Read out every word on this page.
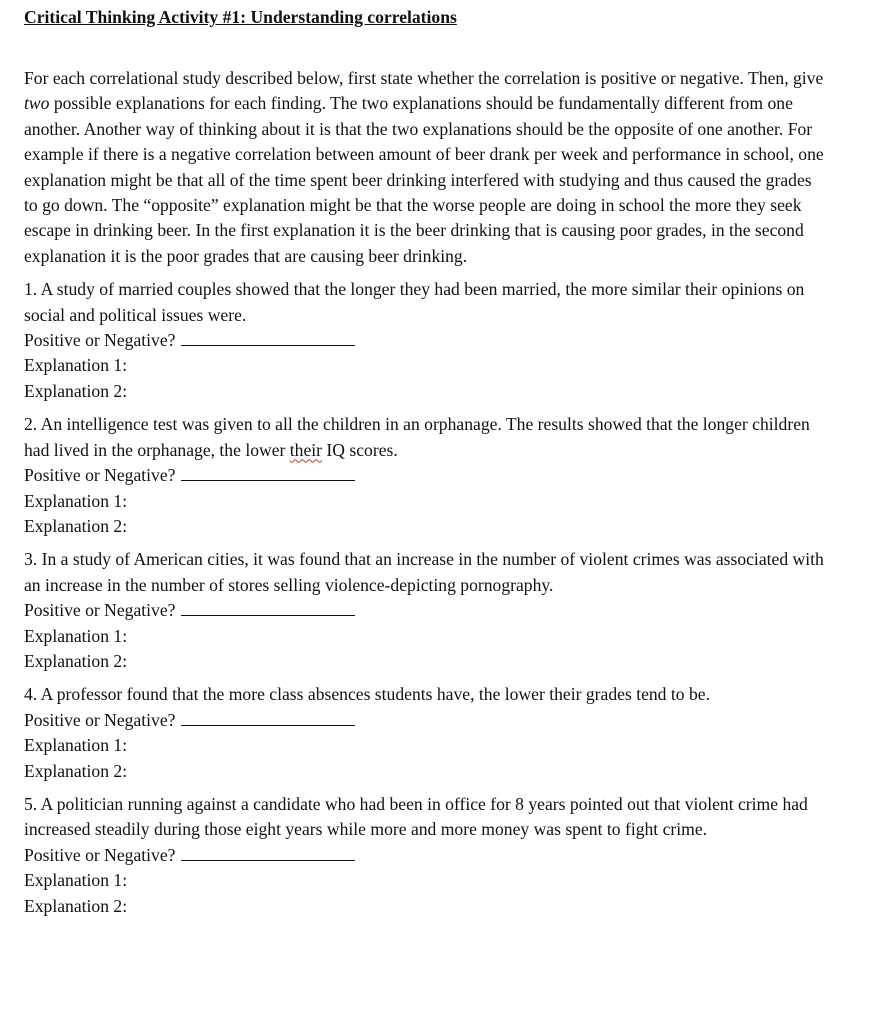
Critical Thinking Activity #1: Understanding correlations

For each correlational study described below, first state whether the correlation is positive or negative. Then, give two possible explanations for each finding. The two explanations should be fundamentally different from one another. Another way of thinking about it is that the two explanations should be the opposite of one another. For example if there is a negative correlation between amount of beer drank per week and performance in school, one explanation might be that all of the time spent beer drinking interfered with studying and thus caused the grades to go down. The “opposite” explanation might be that the worse people are doing in school the more they seek escape in drinking beer. In the first explanation it is the beer drinking that is causing poor grades, in the second explanation it is the poor grades that are causing beer drinking.

1. A study of married couples showed that the longer they had been married, the more similar their opinions on social and political issues were.

Positive or Negative?

Explanation 1:

Explanation 2:

2. An intelligence test was given to all the children in an orphanage. The results showed that the longer children had lived in the orphanage, the lower their IQ scores.

Positive or Negative?

Explanation 1:

Explanation 2:

3. In a study of American cities, it was found that an increase in the number of violent crimes was associated with an increase in the number of stores selling violence-depicting pornography.

Positive or Negative?

Explanation 1:

Explanation 2:

4. A professor found that the more class absences students have, the lower their grades tend to be.

Positive or Negative?

Explanation 1:

Explanation 2:

5. A politician running against a candidate who had been in office for 8 years pointed out that violent crime had increased steadily during those eight years while more and more money was spent to fight crime.

Positive or Negative?

Explanation 1:

Explanation 2:
